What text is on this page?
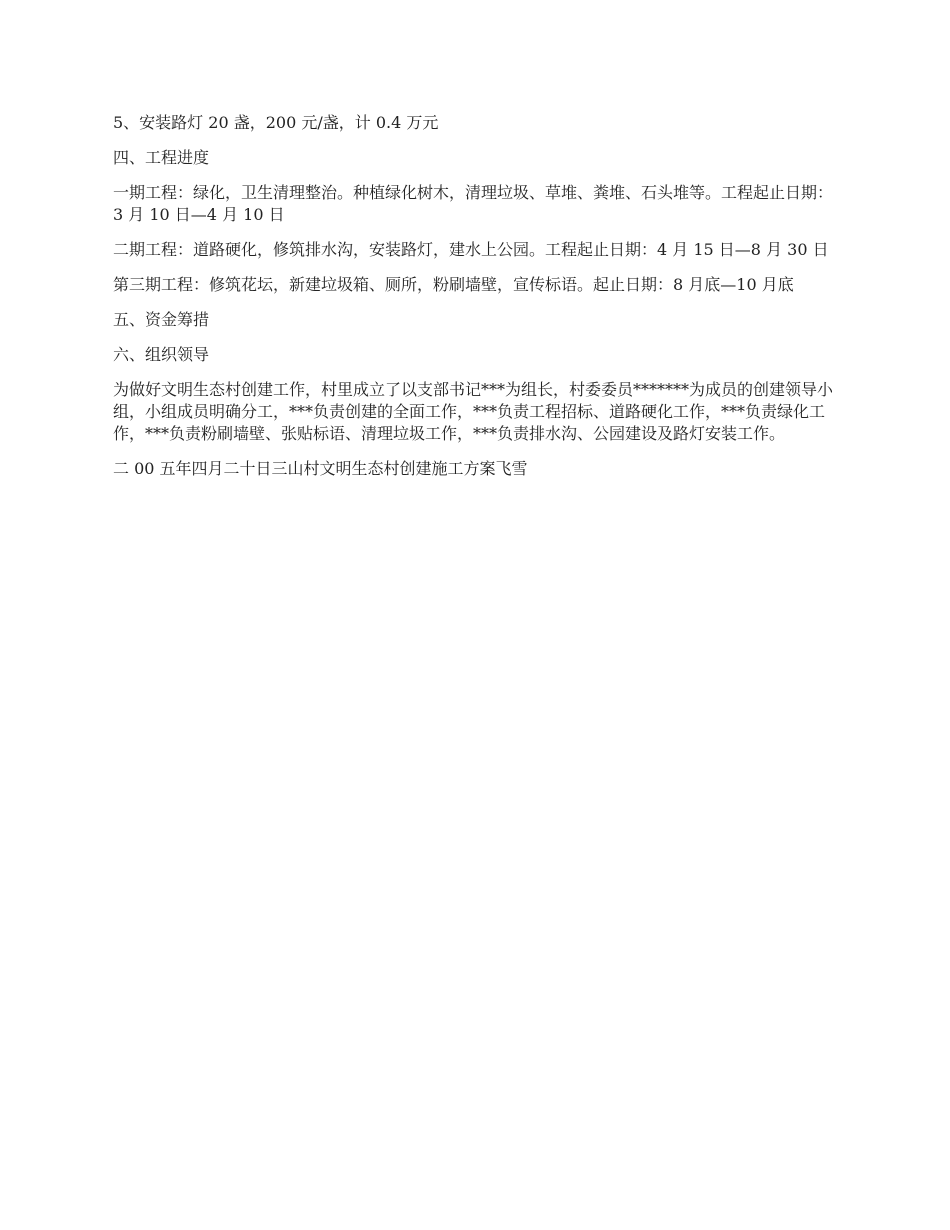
5、安装路灯 20 盏，200 元/盏，计 0.4 万元

四、工程进度

一期工程：绿化，卫生清理整治。种植绿化树木，清理垃圾、草堆、粪堆、石头堆等。工程起止日期：3 月 10 日—4 月 10 日

二期工程：道路硬化，修筑排水沟，安装路灯，建水上公园。工程起止日期：4 月 15 日—8 月 30 日

第三期工程：修筑花坛，新建垃圾箱、厕所，粉刷墙壁，宣传标语。起止日期：8 月底—10 月底

五、资金筹措

六、组织领导

为做好文明生态村创建工作，村里成立了以支部书记***为组长，村委委员*******为成员的创建领导小组，小组成员明确分工，***负责创建的全面工作，***负责工程招标、道路硬化工作，***负责绿化工作，***负责粉刷墙壁、张贴标语、清理垃圾工作，***负责排水沟、公园建设及路灯安装工作。

二 00 五年四月二十日三山村文明生态村创建施工方案飞雪
